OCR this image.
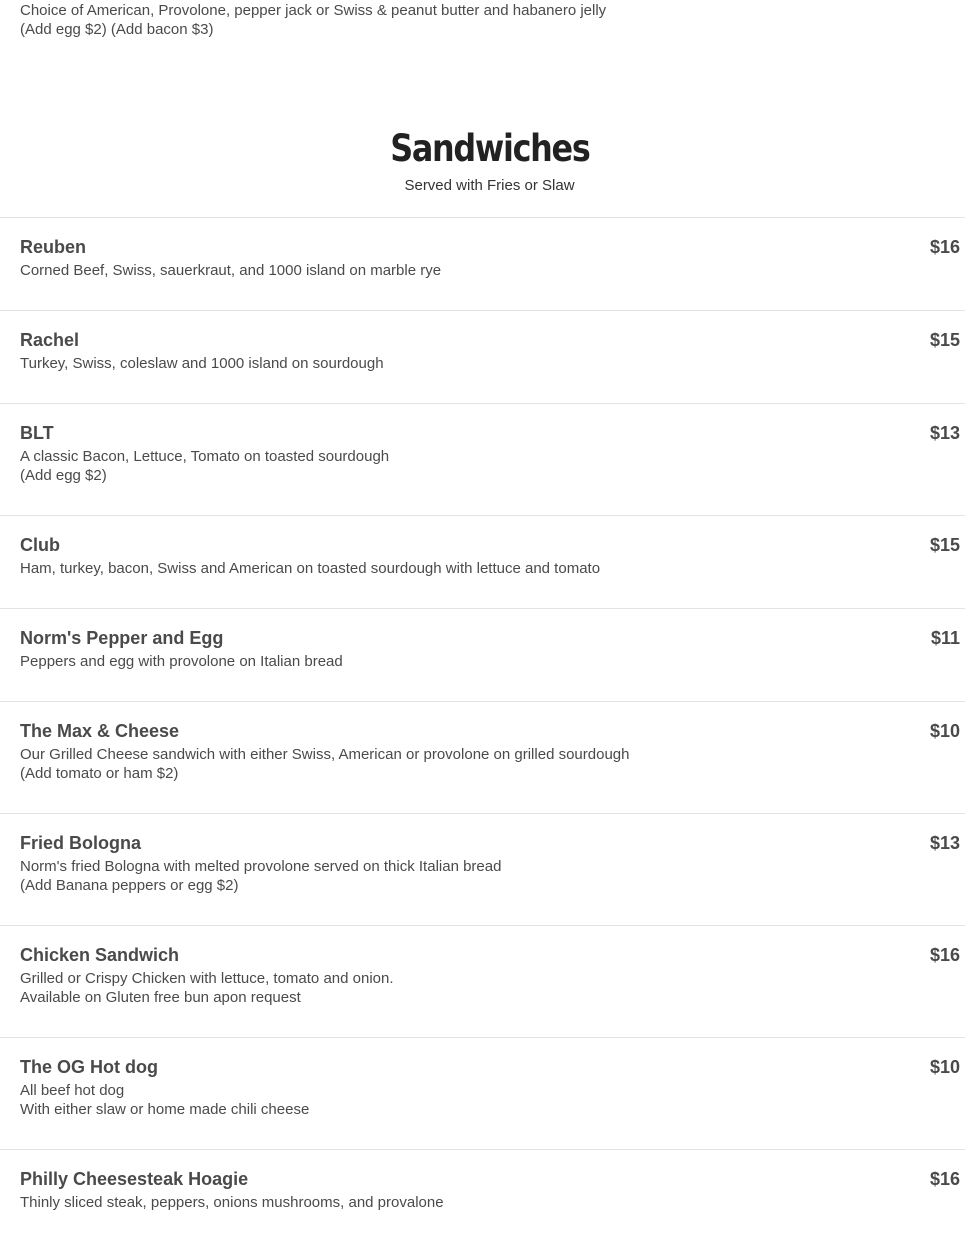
Choice of American, Provolone, pepper jack or Swiss & peanut butter and habanero jelly
(Add egg $2) (Add bacon $3)
Sandwiches
Served with Fries or Slaw
Reuben	$16
Corned Beef, Swiss, sauerkraut, and 1000 island on marble rye
Rachel	$15
Turkey, Swiss, coleslaw and 1000 island on sourdough
BLT	$13
A classic Bacon, Lettuce, Tomato on toasted sourdough
(Add egg $2)
Club	$15
Ham, turkey, bacon, Swiss and American on toasted sourdough with lettuce and tomato
Norm's Pepper and Egg	$11
Peppers and egg with provolone on Italian bread
The Max & Cheese	$10
Our Grilled Cheese sandwich with either Swiss, American or provolone on grilled sourdough
(Add tomato or ham $2)
Fried Bologna	$13
Norm's fried Bologna with melted provolone served on thick Italian bread
(Add Banana peppers or egg $2)
Chicken Sandwich	$16
Grilled or Crispy Chicken with lettuce, tomato and onion.
Available on Gluten free bun apon request
The OG Hot dog	$10
All beef hot dog
With either slaw or home made chili cheese
Philly Cheesesteak Hoagie	$16
Thinly sliced steak, peppers, onions mushrooms, and provalone
